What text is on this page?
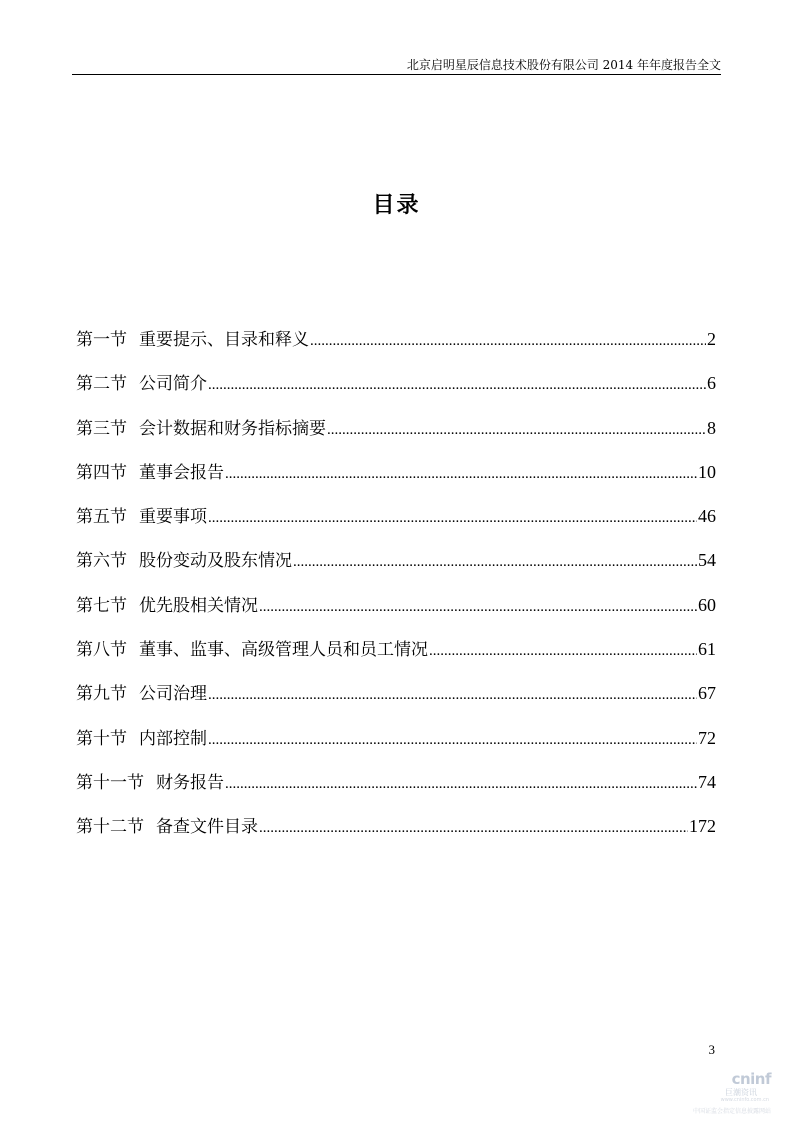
北京启明星辰信息技术股份有限公司 2014 年年度报告全文
目录
第一节 重要提示、目录和释义 .....	2
第二节 公司简介 .....	6
第三节 会计数据和财务指标摘要 .....	8
第四节 董事会报告 .....	10
第五节 重要事项 .....	46
第六节 股份变动及股东情况 .....	54
第七节 优先股相关情况 .....	60
第八节 董事、监事、高级管理人员和员工情况 .....	61
第九节 公司治理 .....	67
第十节 内部控制 .....	72
第十一节 财务报告 .....	74
第十二节 备查文件目录 .....	172
3
cninf
巨潮资讯
www.cninfo.com.cn
中国证监会指定信息披露网站
